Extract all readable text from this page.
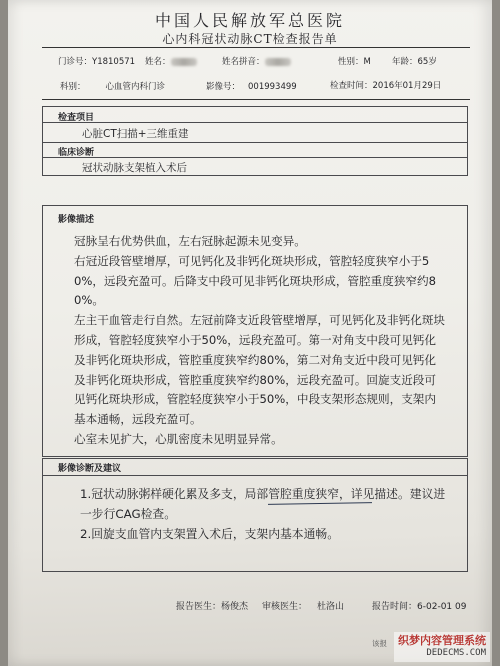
中国人民解放军总医院
心内科冠状动脉CT检查报告单
门诊号：Y1810571 姓名：	姓名拼音：	性别：M 年龄：65岁
科别： 心血管内科门诊	影像号： 001993499	检查时间：2016年01月29日
检查项目
心脏CT扫描+三维重建
临床诊断
冠状动脉支架植入术后
影像描述
冠脉呈右优势供血，左右冠脉起源未见变异。
右冠近段管壁增厚，可见钙化及非钙化斑块形成，管腔轻度狭窄小于50%，远段充盈可。后降支中段可见非钙化斑块形成，管腔重度狭窄约80%。
左主干血管走行自然。左冠前降支近段管壁增厚，可见钙化及非钙化斑块形成，管腔轻度狭窄小于50%，远段充盈可。第一对角支中段可见钙化及非钙化斑块形成，管腔重度狭窄约80%，第二对角支近中段可见钙化及非钙化斑块形成，管腔重度狭窄约80%，远段充盈可。回旋支近段可见钙化斑块形成，管腔轻度狭窄小于50%，中段支架形态规则，支架内基本通畅，远段充盈可。
心室未见扩大，心肌密度未见明显异常。
影像诊断及建议
1.冠状动脉粥样硬化累及多支，局部管腔重度狭窄，详见描述。建议进一步行CAG检查。
2.回旋支血管内支架置入术后，支架内基本通畅。
报告医生：杨俊杰 审核医生： 杜洛山	报告时间：6-02-01 09
该报 织梦内容管理系统
DEDECMS.COM
